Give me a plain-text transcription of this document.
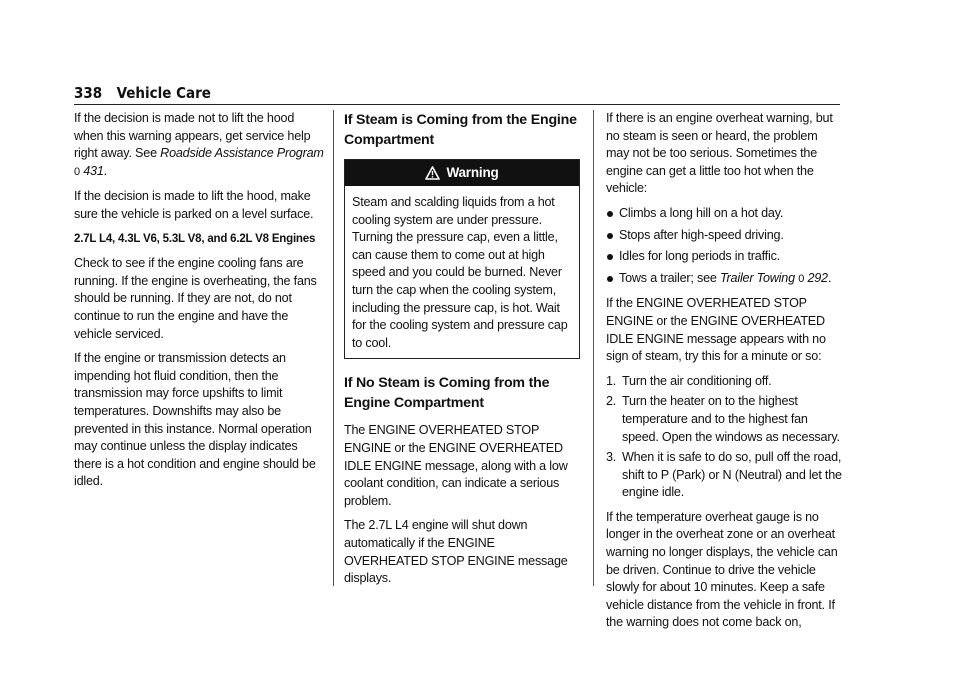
338 Vehicle Care

If the decision is made not to lift the hood when this warning appears, get service help right away. See Roadside Assistance Program
0 431.

If the decision is made to lift the hood, make sure the vehicle is parked on a level surface.

2.7L L4, 4.3L V6, 5.3L V8, and 6.2L V8 Engines

Check to see if the engine cooling fans are running. If the engine is overheating, the fans should be running. If they are not, do not continue to run the engine and have the vehicle serviced.

If the engine or transmission detects an impending hot fluid condition, then the transmission may force upshifts to limit temperatures. Downshifts may also be prevented in this instance. Normal operation may continue unless the display indicates there is a hot condition and engine should be idled.

If Steam is Coming from the Engine Compartment
Warning

Steam and scalding liquids from a hot cooling system are under pressure. Turning the pressure cap, even a little, can cause them to come out at high speed and you could be burned. Never turn the cap when the cooling system, including the pressure cap, is hot. Wait for the cooling system and pressure cap to cool.

If No Steam is Coming from the Engine Compartment

The ENGINE OVERHEATED STOP ENGINE or the ENGINE OVERHEATED IDLE ENGINE message, along with a low coolant condition, can indicate a serious problem.

The 2.7L L4 engine will shut down automatically if the ENGINE OVERHEATED STOP ENGINE message displays.

If there is an engine overheat warning, but no steam is seen or heard, the problem may not be too serious. Sometimes the engine can get a little too hot when the vehicle:

Climbs a long hill on a hot day.
Stops after high-speed driving.
Idles for long periods in traffic.
Tows a trailer; see Trailer Towing 0 292.

If the ENGINE OVERHEATED STOP ENGINE or the ENGINE OVERHEATED IDLE ENGINE message appears with no sign of steam, try this for a minute or so:

1. Turn the air conditioning off.
2. Turn the heater on to the highest temperature and to the highest fan speed. Open the windows as necessary.
3. When it is safe to do so, pull off the road, shift to P (Park) or N (Neutral) and let the engine idle.

If the temperature overheat gauge is no longer in the overheat zone or an overheat warning no longer displays, the vehicle can be driven. Continue to drive the vehicle slowly for about 10 minutes. Keep a safe vehicle distance from the vehicle in front. If the warning does not come back on,
